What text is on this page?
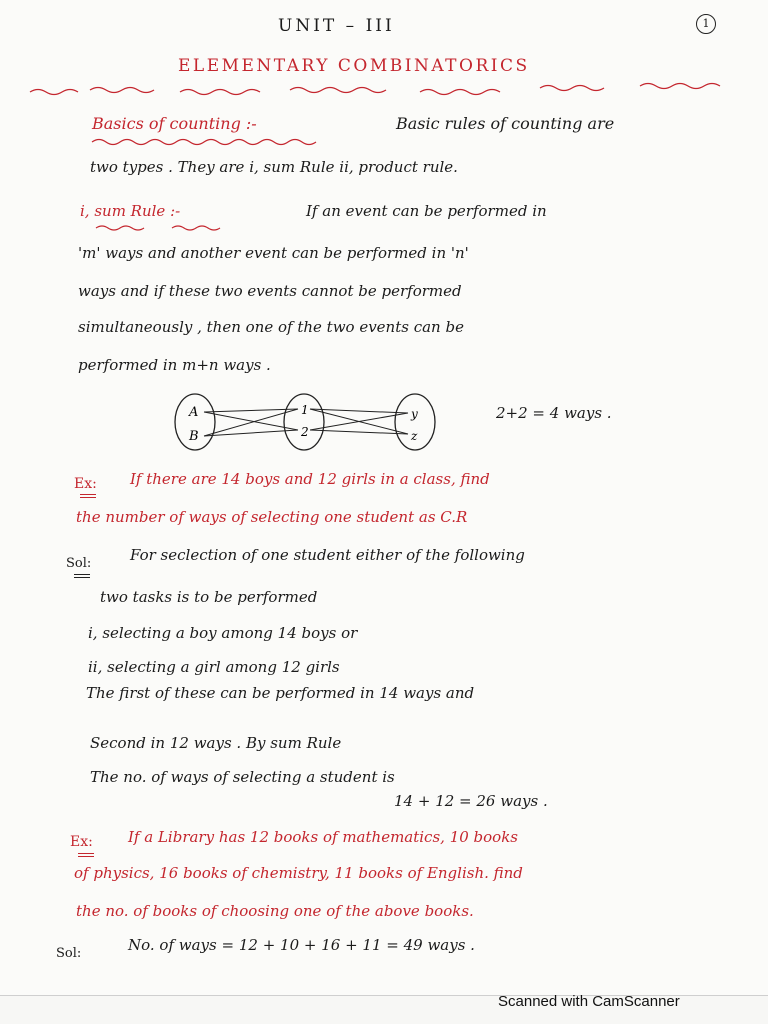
UNIT – III	1
ELEMENTARY COMBINATORICS
Basics of counting :-	Basic rules of counting are
two types . They are i, sum Rule ii, product rule.
i, sum Rule :-	If an event can be performed in
'm' ways and another event can be performed in 'n'
ways and if these two events cannot be performed
simultaneously , then one of the two events can be
performed in m+n ways .
A
B
1
2
y
z
2+2 = 4 ways .
Ex: If there are 14 boys and 12 girls in a class, find
the number of ways of selecting one student as C.R
Sol:	For seclection of one student either of the following
two tasks is to be performed
i, selecting a boy among 14 boys or
ii, selecting a girl among 12 girls
The first of these can be performed in 14 ways and
Second in 12 ways . By sum Rule
The no. of ways of selecting a student is
14 + 12 = 26 ways .
Ex: If a Library has 12 books of mathematics, 10 books
of physics, 16 books of chemistry, 11 books of English. find
the no. of books of choosing one of the above books.
Sol:	No. of ways = 12 + 10 + 16 + 11 = 49 ways .
Scanned with CamScanner
